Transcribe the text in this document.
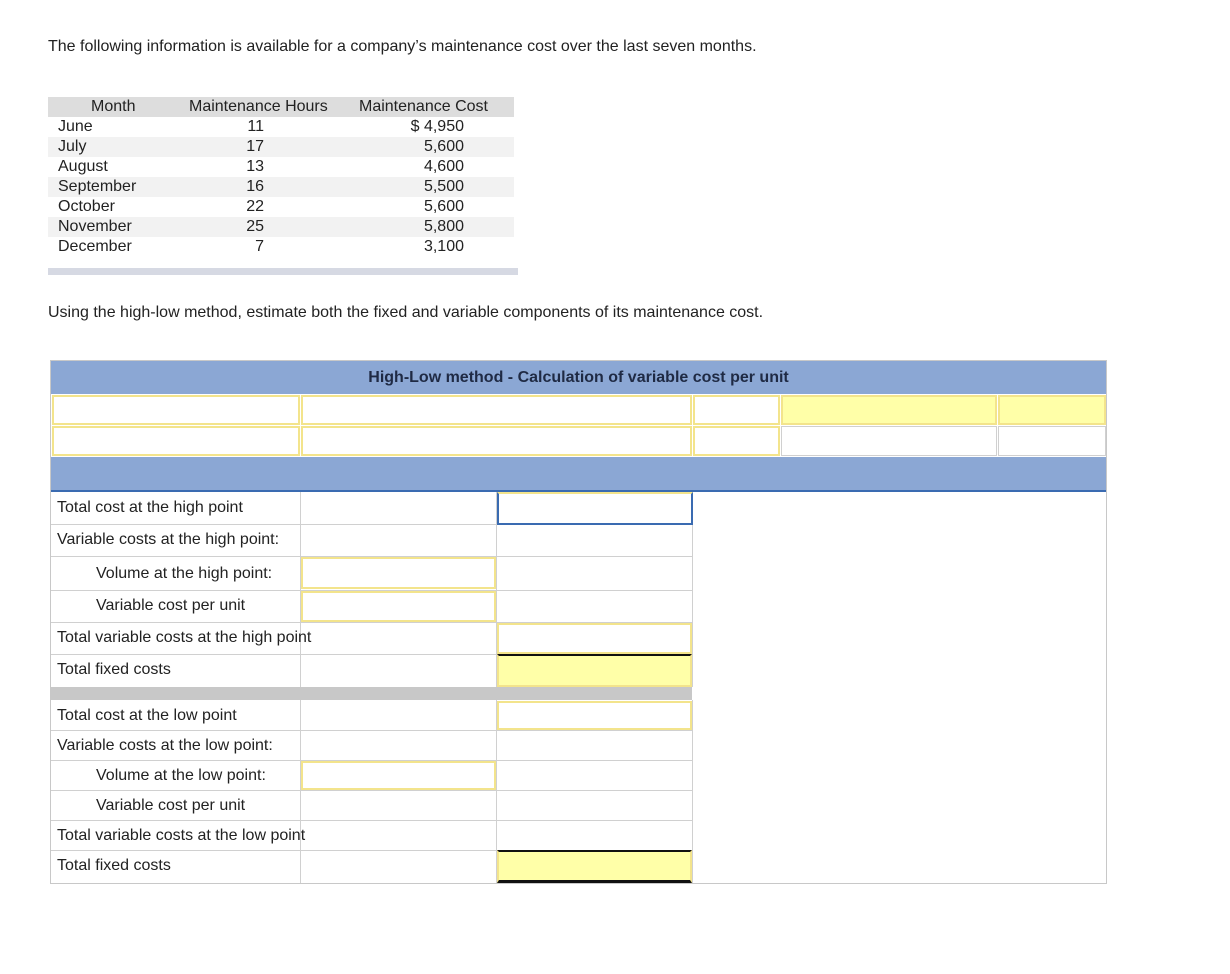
The following information is available for a company’s maintenance cost over the last seven months.
Month	Maintenance Hours Maintenance Cost
June	11	$ 4,950
July	17	5,600
August	13	4,600
September	16	5,500
October	22	5,600
November	25	5,800
December	7	3,100
Using the high-low method, estimate both the fixed and variable components of its maintenance cost.
High-Low method - Calculation of variable cost per unit
Total cost at the high point
Variable costs at the high point:
Volume at the high point:
Variable cost per unit
Total variable costs at the high point
Total fixed costs
Total cost at the low point
Variable costs at the low point:
Volume at the low point:
Variable cost per unit
Total variable costs at the low point
Total fixed costs
